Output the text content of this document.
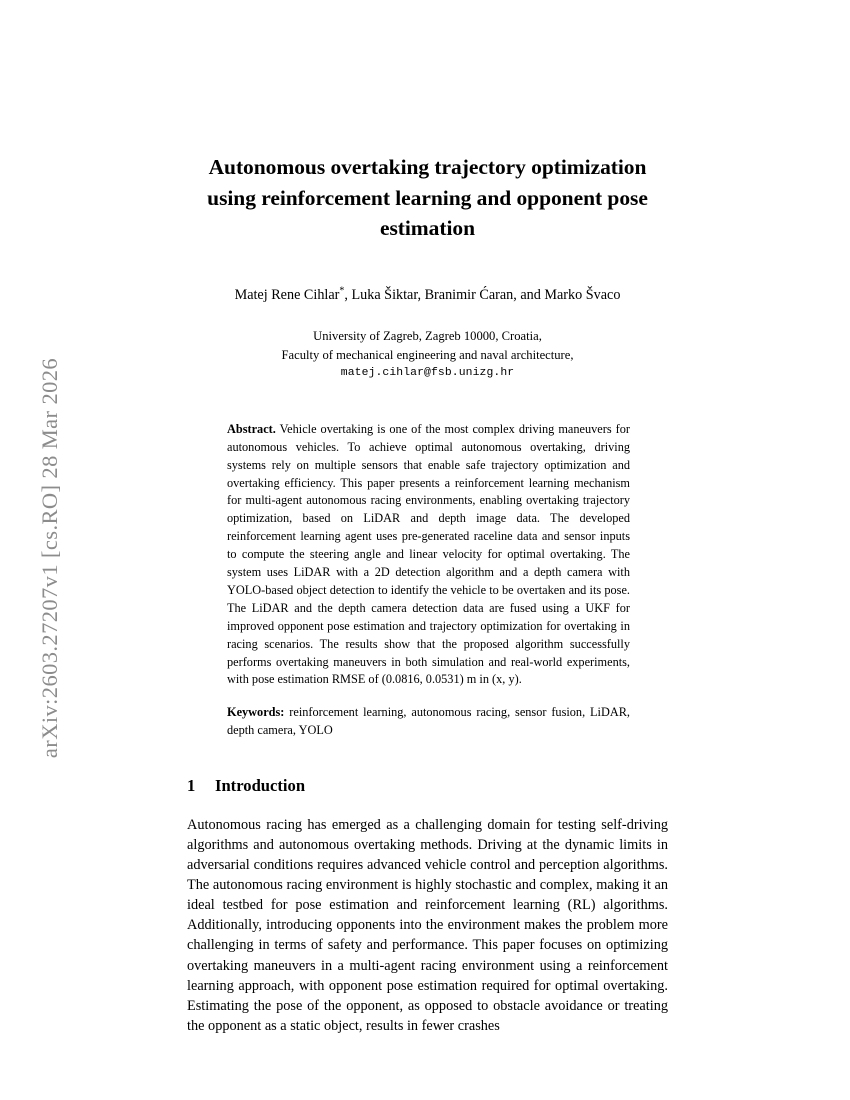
arXiv:2603.27207v1 [cs.RO] 28 Mar 2026
Autonomous overtaking trajectory optimization using reinforcement learning and opponent pose estimation

Matej Rene Cihlar*, Luka Šiktar, Branimir Ćaran, and Marko Švaco

University of Zagreb, Zagreb 10000, Croatia,
Faculty of mechanical engineering and naval architecture,

matej.cihlar@fsb.unizg.hr

Abstract. Vehicle overtaking is one of the most complex driving maneuvers for autonomous vehicles. To achieve optimal autonomous overtaking, driving systems rely on multiple sensors that enable safe trajectory optimization and overtaking efficiency. This paper presents a reinforcement learning mechanism for multi-agent autonomous racing environments, enabling overtaking trajectory optimization, based on LiDAR and depth image data. The developed reinforcement learning agent uses pre-generated raceline data and sensor inputs to compute the steering angle and linear velocity for optimal overtaking. The system uses LiDAR with a 2D detection algorithm and a depth camera with YOLO-based object detection to identify the vehicle to be overtaken and its pose. The LiDAR and the depth camera detection data are fused using a UKF for improved opponent pose estimation and trajectory optimization for overtaking in racing scenarios. The results show that the proposed algorithm successfully performs overtaking maneuvers in both simulation and real-world experiments, with pose estimation RMSE of (0.0816, 0.0531) m in (x, y).

Keywords: reinforcement learning, autonomous racing, sensor fusion, LiDAR, depth camera, YOLO

1 Introduction

Autonomous racing has emerged as a challenging domain for testing self-driving algorithms and autonomous overtaking methods. Driving at the dynamic limits in adversarial conditions requires advanced vehicle control and perception algorithms. The autonomous racing environment is highly stochastic and complex, making it an ideal testbed for pose estimation and reinforcement learning (RL) algorithms. Additionally, introducing opponents into the environment makes the problem more challenging in terms of safety and performance. This paper focuses on optimizing overtaking maneuvers in a multi-agent racing environment using a reinforcement learning approach, with opponent pose estimation required for optimal overtaking. Estimating the pose of the opponent, as opposed to obstacle avoidance or treating the opponent as a static object, results in fewer crashes
